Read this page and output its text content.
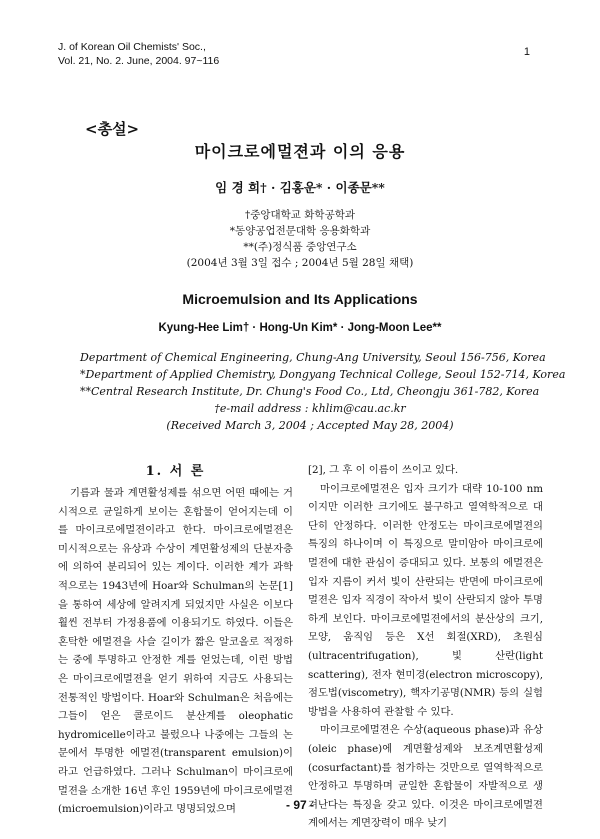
J. of Korean Oil Chemists' Soc.,
Vol. 21, No. 2. June, 2004. 97~116
1
<총설>
마이크로에멀젼과 이의 응용
임 경 희† · 김홍운* · 이종문**
†중앙대학교 화학공학과
*동양공업전문대학 응용화학과
**(주)정식품 중앙연구소
(2004년 3월 3일 접수 ; 2004년 5월 28일 채택)
Microemulsion and Its Applications
Kyung-Hee Lim† · Hong-Un Kim* · Jong-Moon Lee**
Department of Chemical Engineering, Chung-Ang University, Seoul 156-756, Korea
*Department of Applied Chemistry, Dongyang Technical College, Seoul 152-714, Korea
**Central Research Institute, Dr. Chung's Food Co., Ltd, Cheongju 361-782, Korea
†e-mail address : khlim@cau.ac.kr
(Received March 3, 2004 ; Accepted May 28, 2004)
1. 서 론

기름과 물과 계면활성제를 섞으면 어떤 때에는 거시적으로 균일하게 보이는 혼합물이 얻어지는데 이를 마이크로에멀젼이라고 한다. 마이크로에멀젼은 미시적으로는 유상과 수상이 계면활성제의 단분자층에 의하여 분리되어 있는 계이다. 이러한 계가 과학적으로는 1943년에 Hoar와 Schulman의 논문[1]을 통하여 세상에 알려지게 되었지만 사실은 이보다 훨씬 전부터 가정용품에 이용되기도 하였다. 이들은 혼탁한 에멀젼을 사슬 길이가 짧은 알코올로 적정하는 중에 투명하고 안정한 계를 얻었는데, 이런 방법은 마이크로에멀젼을 얻기 위하여 지금도 사용되는 전통적인 방법이다. Hoar와 Schulman은 처음에는 그들이 얻은 콜로이드 분산계를 oleophatic hydromicelle이라고 불렀으나 나중에는 그들의 논문에서 투명한 에멀젼(transparent emulsion)이라고 언급하였다. 그러나 Schulman이 마이크로에멀젼을 소개한 16년 후인 1959년에 마이크로에멀젼(microemulsion)이라고 명명되었으며

[2], 그 후 이 이름이 쓰이고 있다.

마이크로에멀젼은 입자 크기가 대략 10-100 nm 이지만 이러한 크기에도 불구하고 열역학적으로 대단히 안정하다. 이러한 안정도는 마이크로에멀젼의 특징의 하나이며 이 특징으로 말미암아 마이크로에멀젼에 대한 관심이 증대되고 있다. 보통의 에멀젼은 입자 지름이 커서 빛이 산란되는 반면에 마이크로에멀젼은 입자 직경이 작아서 빛이 산란되지 않아 투명하게 보인다. 마이크로에멀젼에서의 분산상의 크기, 모양, 움직임 등은 X선 회절(XRD), 초원심(ultracentrifugation), 빛 산란(light scattering), 전자 현미경(electron microscopy), 점도법(viscometry), 핵자기공명(NMR) 등의 실험 방법을 사용하여 관찰할 수 있다.

마이크로에멀젼은 수상(aqueous phase)과 유상(oleic phase)에 계면활성제와 보조계면활성제(cosurfactant)를 첨가하는 것만으로 열역학적으로 안정하고 투명하며 균일한 혼합물이 자발적으로 생겨난다는 특징을 갖고 있다. 이것은 마이크로에멀젼 계에서는 계면장력이 매우 낮기

- 97 -
